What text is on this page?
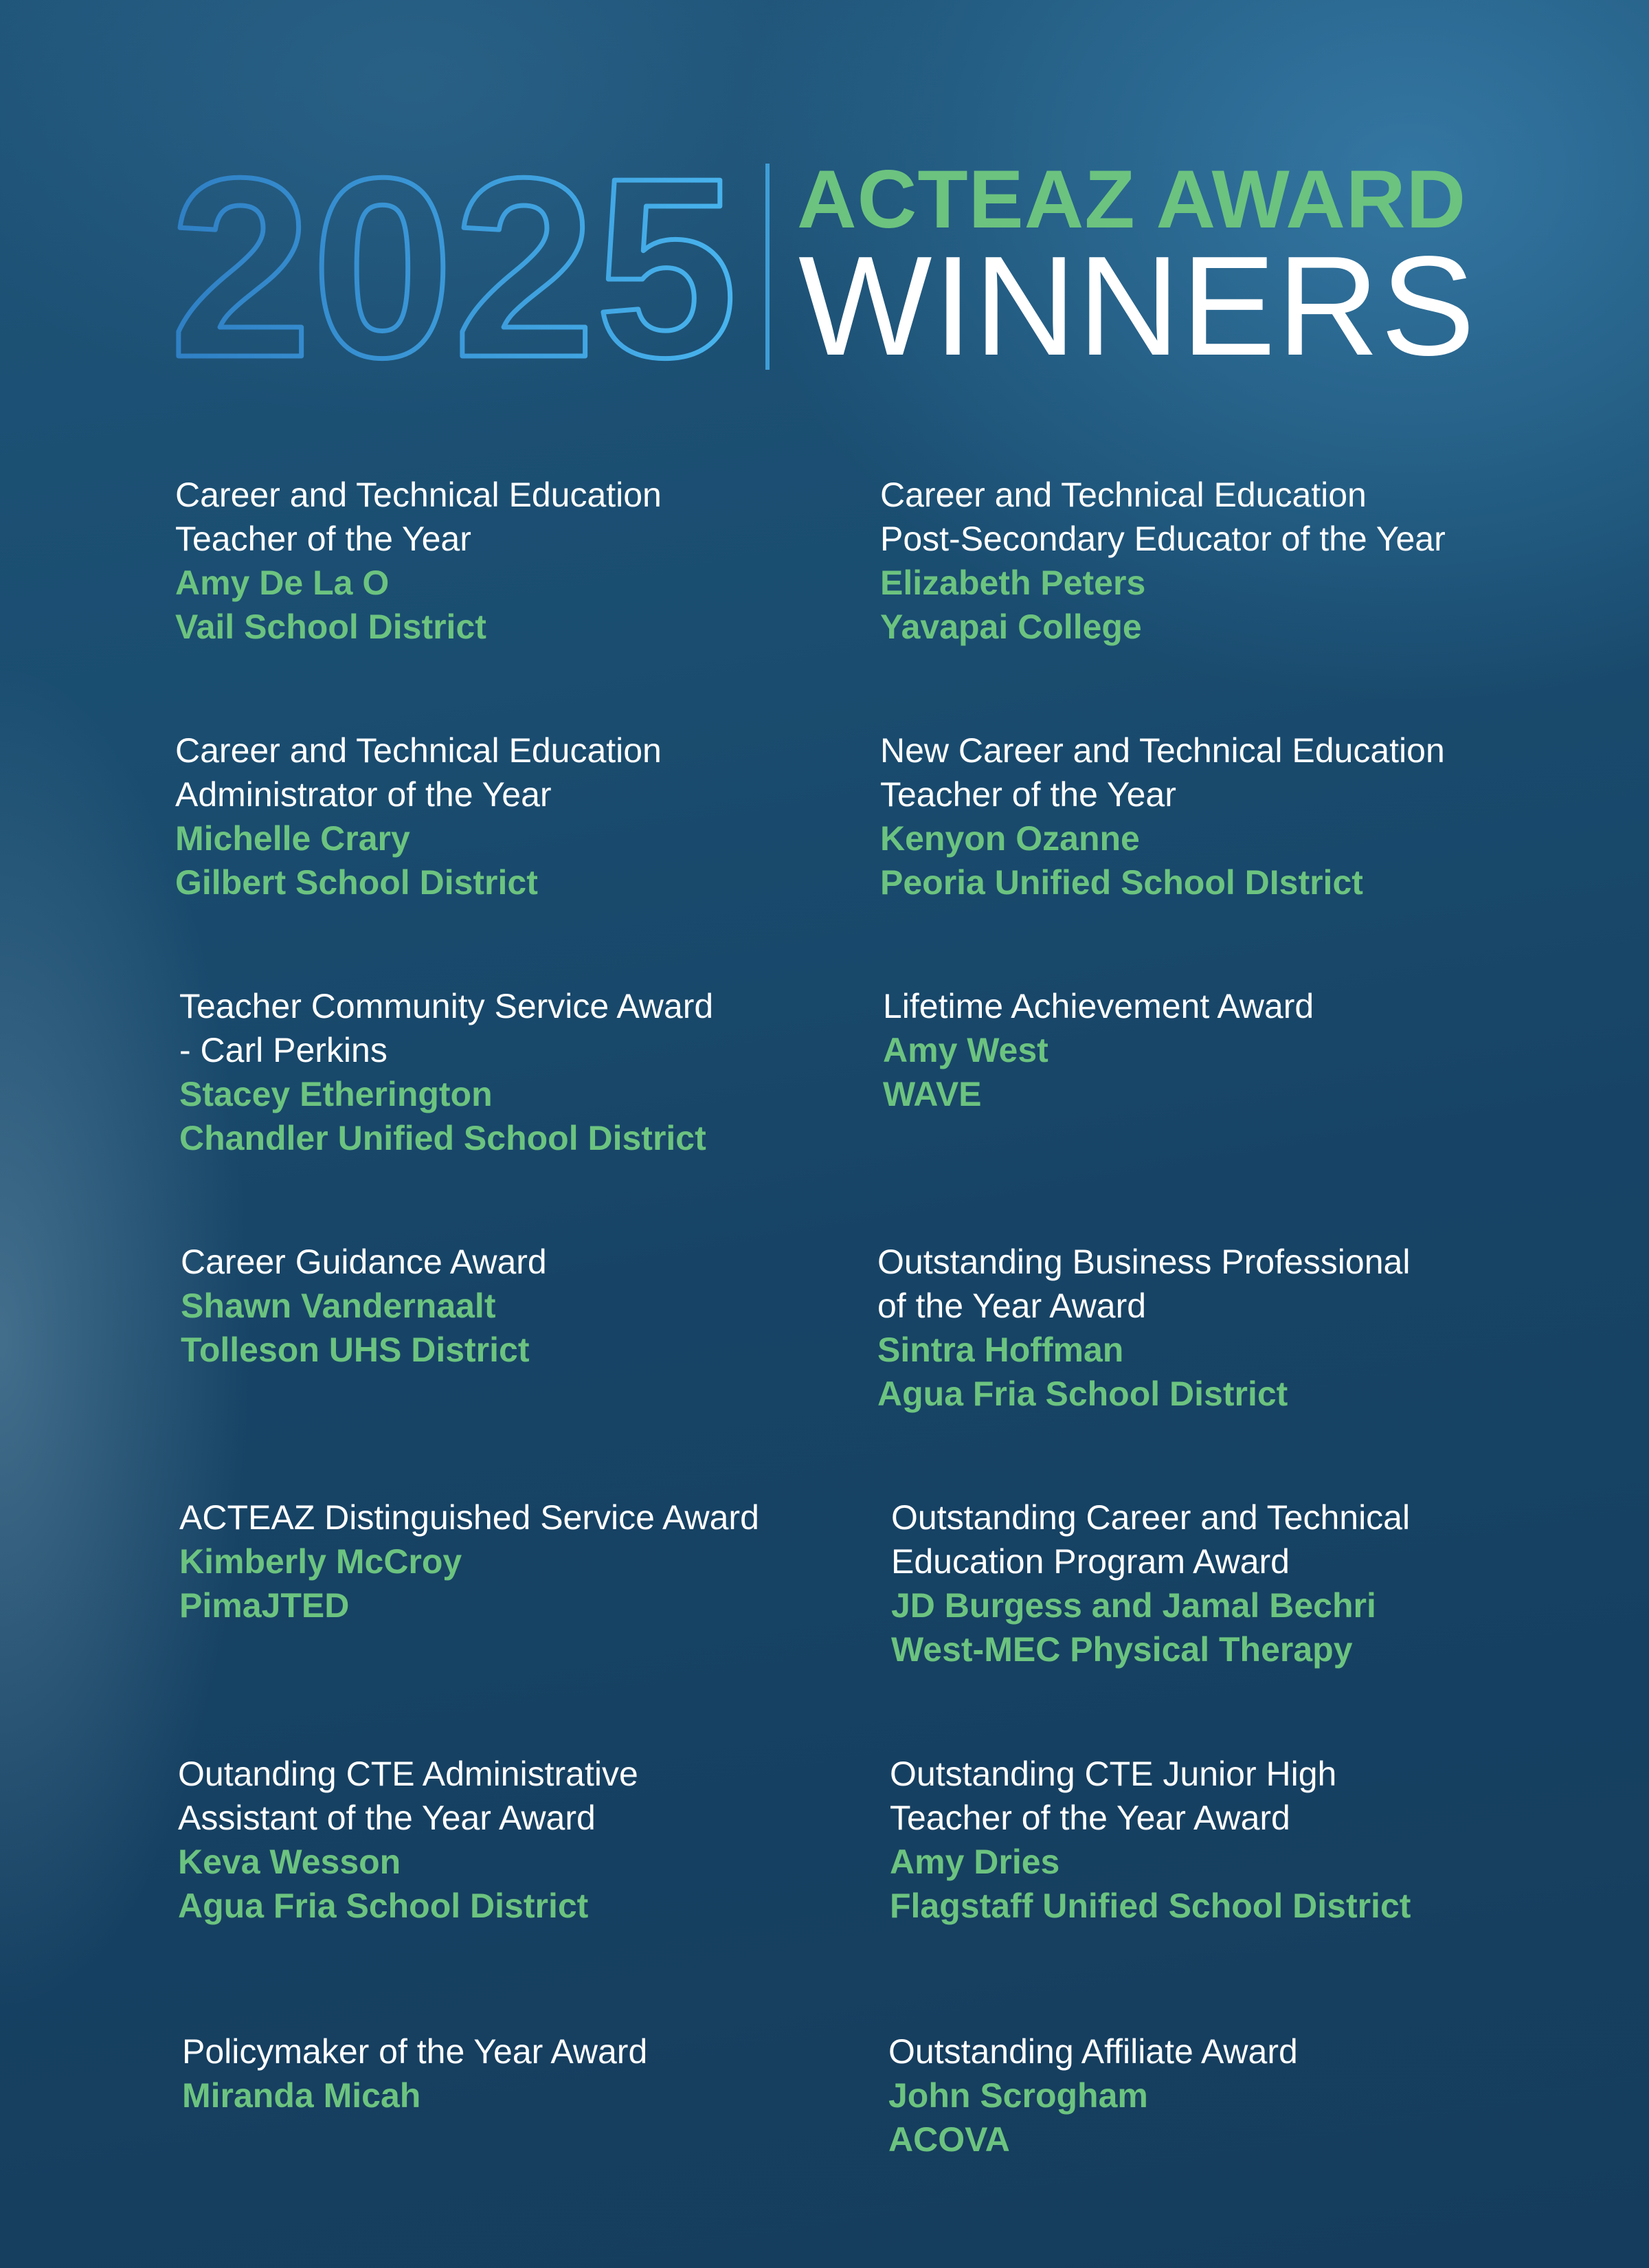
2025 ACTEAZ AWARD
WINNERS
Career and Technical Education
Teacher of the Year
Amy De La O
Vail School District
Career and Technical Education
Post-Secondary Educator of the Year
Elizabeth Peters
Yavapai College
Career and Technical Education
Administrator of the Year
Michelle Crary
Gilbert School District
New Career and Technical Education
Teacher of the Year
Kenyon Ozanne
Peoria Unified School DIstrict
Teacher Community Service Award
- Carl Perkins
Stacey Etherington
Chandler Unified School District
Lifetime Achievement Award
Amy West
WAVE
Career Guidance Award
Shawn Vandernaalt
Tolleson UHS District
Outstanding Business Professional
of the Year Award
Sintra Hoffman
Agua Fria School District
ACTEAZ Distinguished Service Award
Kimberly McCroy
PimaJTED
Outstanding Career and Technical
Education Program Award
JD Burgess and Jamal Bechri
West-MEC Physical Therapy
Outanding CTE Administrative
Assistant of the Year Award
Keva Wesson
Agua Fria School District
Outstanding CTE Junior High
Teacher of the Year Award
Amy Dries
Flagstaff Unified School District
Policymaker of the Year Award
Miranda Micah
Outstanding Affiliate Award
John Scrogham
ACOVA
